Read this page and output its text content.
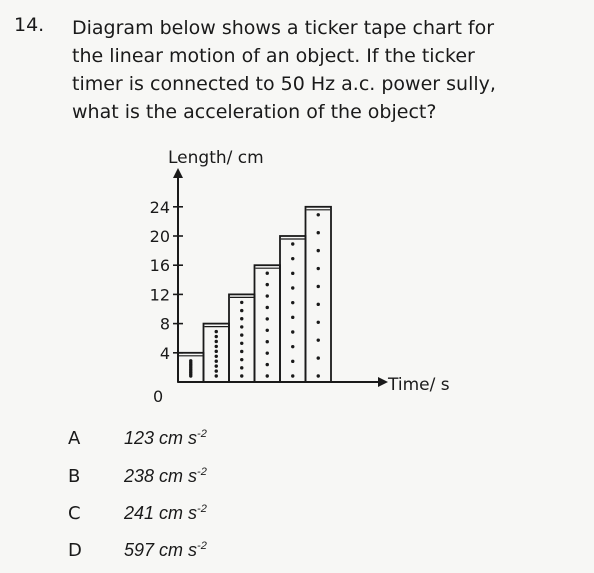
14. Diagram below shows a ticker tape chart for
the linear motion of an object. If the ticker
timer is connected to 50 Hz a.c. power sully,
what is the acceleration of the object?
Length/ cm
Time/ s
0
4
8
12
16
20
24
A 123 cm $s^{-2}$
B 238 cm $s^{-2}$
C 241 cm $s^{-2}$
D 597 cm $s^{-2}$
